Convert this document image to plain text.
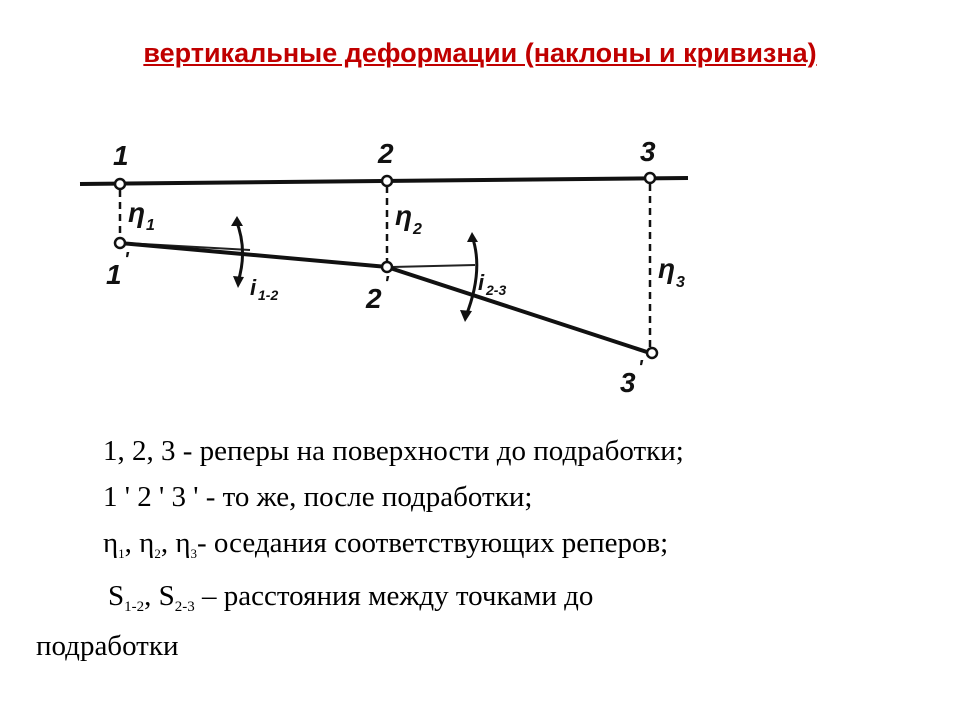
вертикальные деформации (наклоны и кривизна)
1	2	3
1 '
2 '
3 '
η 1	η 2
η 3
i 1-2	i 2-3
1, 2, 3 - реперы на поверхности до подработки;
1 ' 2 ' 3 ' - то же, после подработки;
$\eta_1$, $\eta_2$, $\eta_3-$ оседания соответствующих реперов;
$S_{1-2}$, $S_{2-3}$ – расстояния между точками до
подработки
